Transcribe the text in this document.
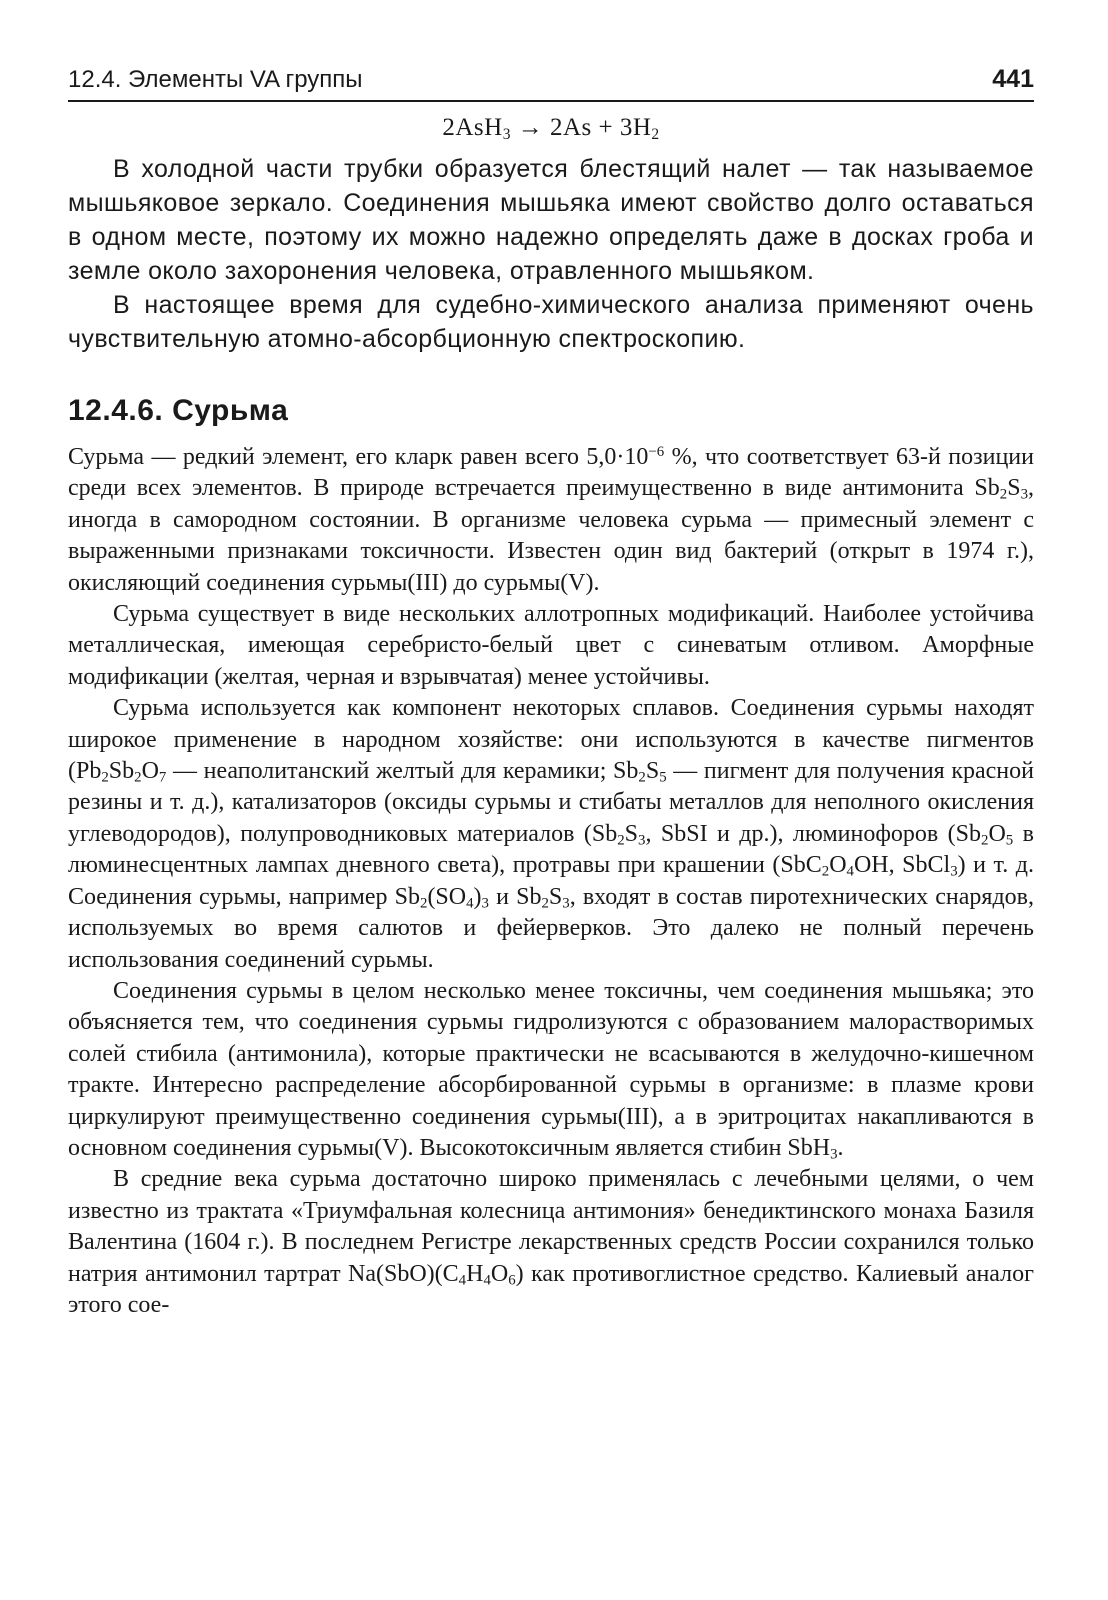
12.4. Элементы VA группы	441
$2AsH_3 \to 2As + 3H_2$

В холодной части трубки образуется блестящий налет — так называемое мышьяковое зеркало. Соединения мышьяка имеют свойство долго оставаться в одном месте, поэтому их можно надежно определять даже в досках гроба и земле около захоронения человека, отравленного мышьяком.

В настоящее время для судебно-химического анализа применяют очень чувствительную атомно-абсорбционную спектроскопию.

12.4.6. Сурьма

Сурьма — редкий элемент, его кларк равен всего $5,0\cdot 10^{-6}$ %, что соответствует 63-й позиции среди всех элементов. В природе встречается преимущественно в виде антимонита $Sb_2S_3$, иногда в самородном состоянии. В организме человека сурьма — примесный элемент с выраженными признаками токсичности. Известен один вид бактерий (открыт в 1974 г.), окисляющий соединения сурьмы(III) до сурьмы(V).

Сурьма существует в виде нескольких аллотропных модификаций. Наиболее устойчива металлическая, имеющая серебристо-белый цвет с синеватым отливом. Аморфные модификации (желтая, черная и взрывчатая) менее устойчивы.

Сурьма используется как компонент некоторых сплавов. Соединения сурьмы находят широкое применение в народном хозяйстве: они используются в качестве пигментов ($Pb_2Sb_2O_7$ — неаполитанский желтый для керамики; $Sb_2S_5$ — пигмент для получения красной резины и т. д.), катализаторов (оксиды сурьмы и стибаты металлов для неполного окисления углеводородов), полупроводниковых материалов ($Sb_2S_3$, SbSI и др.), люминофоров ($Sb_2O_5$ в люминесцентных лампах дневного света), протравы при крашении ($SbC_2O_4OH$, SbCl$_3$) и т. д. Соединения сурьмы, например $Sb_2(SO_4)_3$ и $Sb_2S_3$, входят в состав пиротехнических снарядов, используемых во время салютов и фейерверков. Это далеко не полный перечень использования соединений сурьмы.

Соединения сурьмы в целом несколько менее токсичны, чем соединения мышьяка; это объясняется тем, что соединения сурьмы гидролизуются с образованием малорастворимых солей стибила (антимонила), которые практически не всасываются в желудочно-кишечном тракте. Интересно распределение абсорбированной сурьмы в организме: в плазме крови циркулируют преимущественно соединения сурьмы(III), а в эритроцитах накапливаются в основном соединения сурьмы(V). Высокотоксичным является стибин SbH$_3$.

В средние века сурьма достаточно широко применялась с лечебными целями, о чем известно из трактата «Триумфальная колесница антимония» бенедиктинского монаха Базиля Валентина (1604 г.). В последнем Регистре лекарственных средств России сохранился только натрия антимонил тартрат $Na(SbO)(C_4H_4O_6)$ как противоглистное средство. Калиевый аналог этого сое-
